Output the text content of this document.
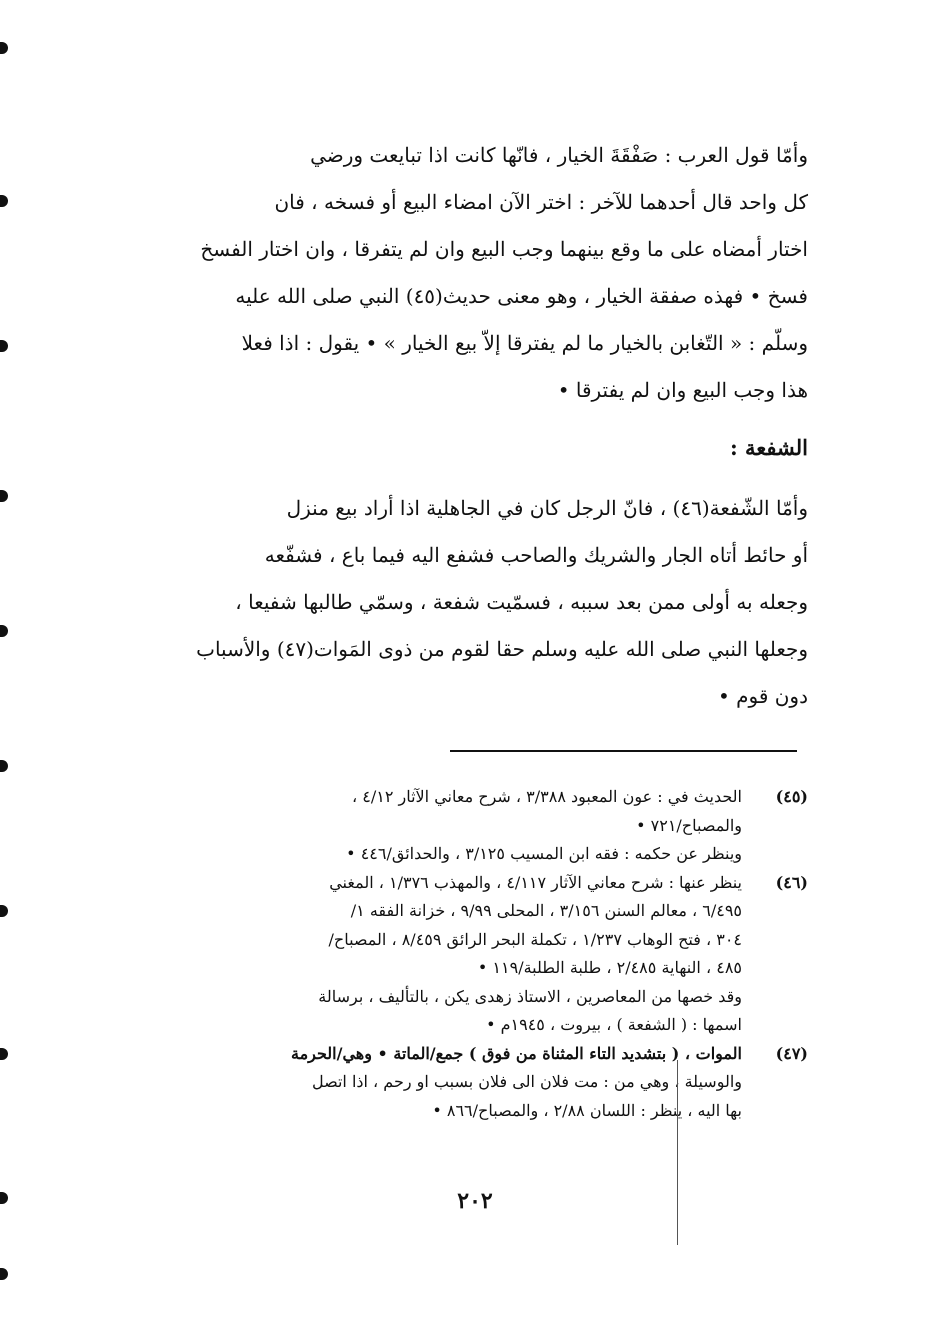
وأمّا قول العرب : صَفْقَةَ الخيار ، فانّها كانت اذا تبايعت ورضي

كل واحد قال أحدهما للآخر : اختر الآن امضاء البيع أو فسخه ، فان

اختار أمضاه على ما وقع بينهما وجب البيع وان لم يتفرقا ، وان اختار الفسخ

فسخ • فهذه صفقة الخيار ، وهو معنى حديث(٤٥) النبي صلى الله عليه

وسلّم : « التّغابن بالخيار ما لم يفترقا إلاّ بيع الخيار » • يقول : اذا فعلا

هذا وجب البيع وان لم يفترقا •

الشفعة :

وأمّا الشّفعة(٤٦) ، فانّ الرجل كان في الجاهلية اذا أراد بيع منزل

أو حائط أتاه الجار والشريك والصاحب فشفع اليه فيما باع ، فشفّعه

وجعله به أولى ممن بعد سببه ، فسمّيت شفعة ، وسمّي طالبها شفيعا ،

وجعلها النبي صلى الله عليه وسلم حقا لقوم من ذوى المَوات(٤٧) والأسباب

دون قوم •

(٤٥)
الحديث في : عون المعبود ٣/٣٨٨ ، شرح معاني الآثار ٤/١٢ ،
والمصباح/٧٢١ •
وينظر عن حكمه : فقه ابن المسيب ٣/١٢٥ ، والحدائق/٤٤٦ •
(٤٦)
ينظر عنها : شرح معاني الآثار ٤/١١٧ ، والمهذب ١/٣٧٦ ، المغني
٦/٤٩٥ ، معالم السنن ٣/١٥٦ ، المحلى ٩/٩٩ ، خزانة الفقه ١/
٣٠٤ ، فتح الوهاب ١/٢٣٧ ، تكملة البحر الرائق ٨/٤٥٩ ، المصباح/
٤٨٥ ، النهاية ٢/٤٨٥ ، طلبة الطلبة/١١٩ •
وقد خصها من المعاصرين ، الاستاذ زهدى يكن ، بالتأليف ، برسالة
اسمها : ( الشفعة ) ، بيروت ، ١٩٤٥م •
(٤٧)
الموات ، ( بتشديد التاء المثناة من فوق ) جمع/الماتة • وهي/الحرمة
والوسيلة ، وهي من : مت فلان الى فلان بسبب او رحم ، اذا اتصل
بها اليه ، ينظر : اللسان ٢/٨٨ ، والمصباح/٨٦٦ •
٢٠٢
